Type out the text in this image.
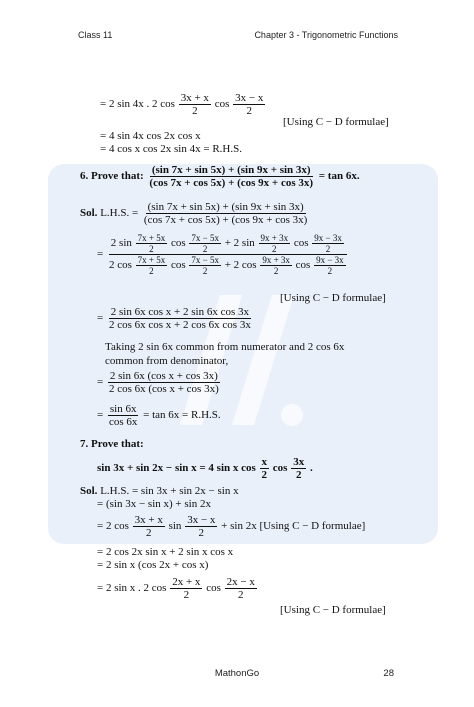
Class 11	Chapter 3 - Trigonometric Functions
= 2 sin 4x . 2 $\cos \frac{3x + x}{2}$ $\cos \frac{3x - x}{2}$
[Using C − D formulae]
= 4 sin 4x cos 2x cos x
= 4 cos x cos 2x sin 4x = R.H.S.
6. Prove that: $\frac{(\sin 7x + \sin 5x) + (\sin 9x + \sin 3x)}{(\cos 7x + \cos 5x) + (\cos 9x + \cos 3x)} = \tan 6x$.
Sol. L.H.S. = $\frac{(\sin 7x + \sin 5x) + (\sin 9x + \sin 3x)}{(\cos 7x + \cos 5x) + (\cos 9x + \cos 3x)}$
=
2 $\sin \frac{7x + 5x}{2}$ $\cos \frac{7x - 5x}{2} + 2$ $\sin \frac{9x + 3x}{2}$ $\cos \frac{9x - 3x}{2}$
2 $\cos \frac{7x + 5x}{2}$ $\cos \frac{7x - 5x}{2} + 2$ $\cos \frac{9x + 3x}{2}$ $\cos \frac{9x - 3x}{2}$
[Using C − D formulae]
= $\frac{\text{2 sin 6x cos x + 2 sin 6x cos 3x}}{\text{2 cos 6x cos x + 2 cos 6x cos 3x}}$
Taking 2 sin 6x common from numerator and 2 cos 6x
common from denominator,
= $\frac{\text{2 sin 6x (cos x + cos 3x)}}{\text{2 cos 6x (cos x + cos 3x)}}$
= $\frac{\sin 6x}{\cos 6x} = \tan 6x = R.H.S$.
7. Prove that:
sin 3x + sin 2x − sin x = 4 sin x $\cos \frac{x}{2}$ $\cos \frac{3x}{2}$ .
Sol. L.H.S. = sin 3x + sin 2x − sin x
= (sin 3x − sin x) + sin 2x
= 2 $\cos \frac{3x + x}{2}$ $\sin \frac{3x - x}{2} + \sin 2x$ [Using C − D formulae]
= 2 cos 2x sin x + 2 sin x cos x
= 2 sin x (cos 2x + cos x)
= 2 sin x . 2 $\cos \frac{2x + x}{2}$ $\cos \frac{2x - x}{2}$
[Using C − D formulae]
MathonGo	28
